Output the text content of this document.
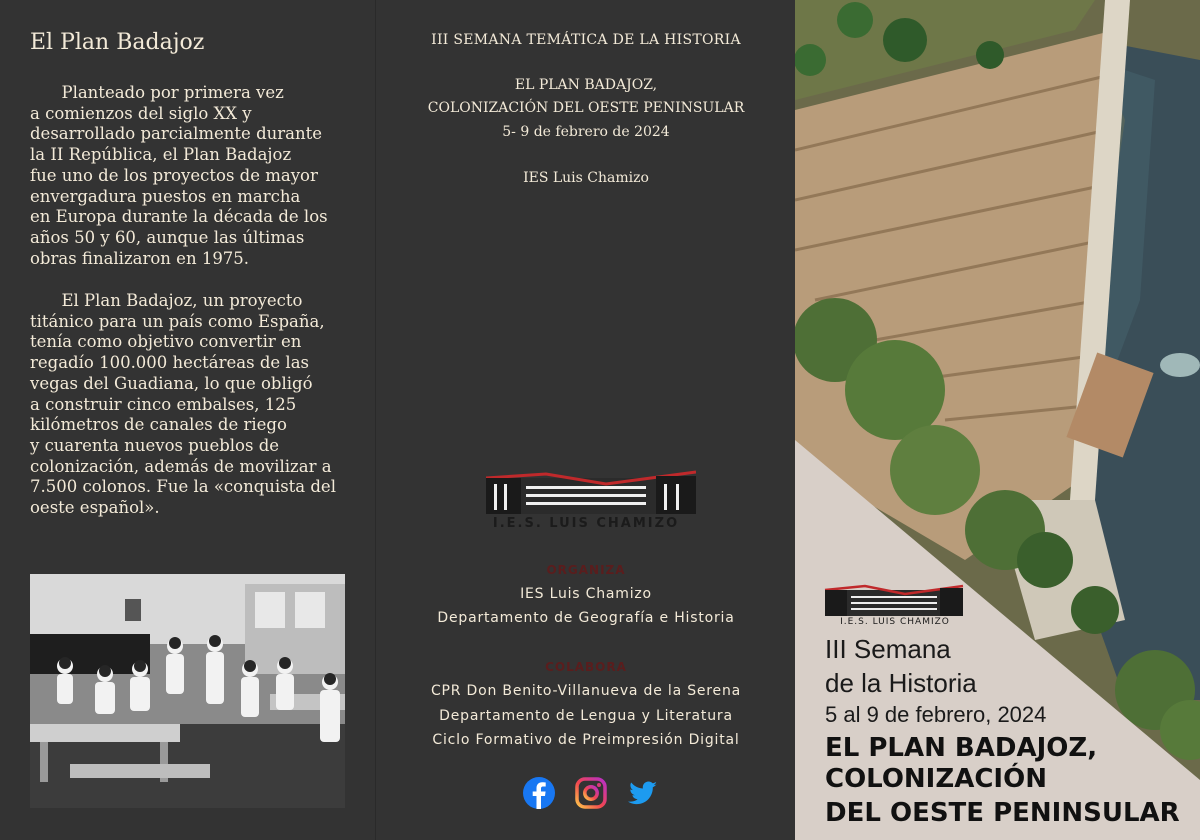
El Plan Badajoz
Planteado por primera vez
a comienzos del siglo XX y
desarrollado parcialmente durante
la II República, el Plan Badajoz
fue uno de los proyectos de mayor
envergadura puestos en marcha
en Europa durante la década de los
años 50 y 60, aunque las últimas
obras finalizaron en 1975.
El Plan Badajoz, un proyecto
titánico para un país como España,
tenía como objetivo convertir en
regadío 100.000 hectáreas de las
vegas del Guadiana, lo que obligó
a construir cinco embalses, 125
kilómetros de canales de riego
y cuarenta nuevos pueblos de
colonización, además de movilizar a
7.500 colonos. Fue la «conquista del
oeste español».
III SEMANA TEMÁTICA DE LA HISTORIA
EL PLAN BADAJOZ,
COLONIZACIÓN DEL OESTE PENINSULAR
5- 9 de febrero de 2024
IES Luis Chamizo
I.E.S. LUIS CHAMIZO
ORGANIZA
IES Luis Chamizo
Departamento de Geografía e Historia
COLABORA
CPR Don Benito-Villanueva de la Serena
Departamento de Lengua y Literatura
Ciclo Formativo de Preimpresión Digital
I.E.S. LUIS CHAMIZO
III Semana
de la Historia
5 al 9 de febrero, 2024
EL PLAN BADAJOZ,
COLONIZACIÓN
DEL OESTE PENINSULAR
